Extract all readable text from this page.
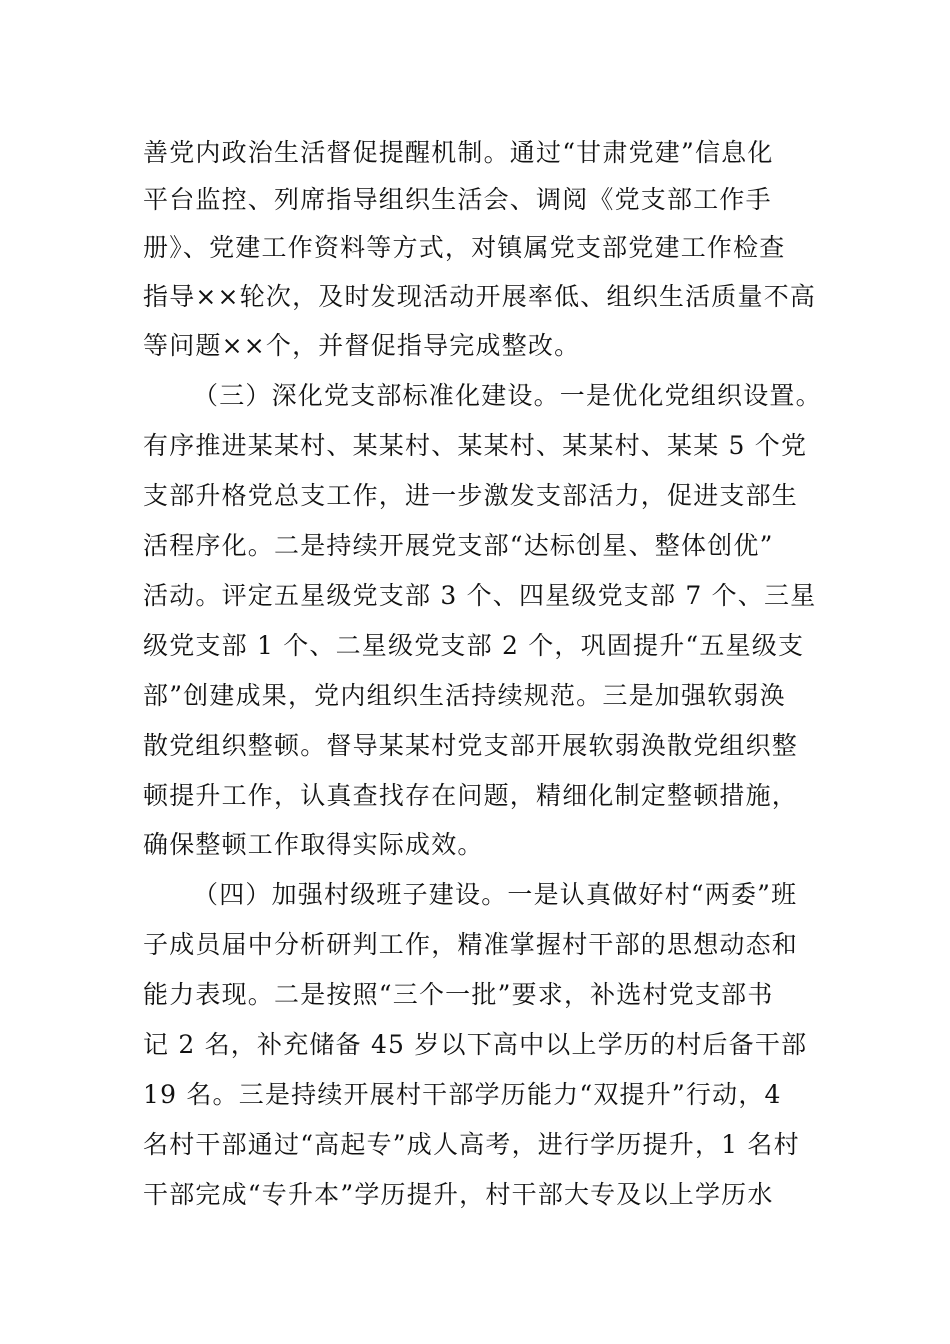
善党内政治生活督促提醒机制。通过“甘肃党建”信息化
平台监控、列席指导组织生活会、调阅《党支部工作手
册》、党建工作资料等方式，对镇属党支部党建工作检查
指导××轮次，及时发现活动开展率低、组织生活质量不高
等问题××个，并督促指导完成整改。
（三）深化党支部标准化建设。一是优化党组织设置。
有序推进某某村、某某村、某某村、某某村、某某 5 个党
支部升格党总支工作，进一步激发支部活力，促进支部生
活程序化。二是持续开展党支部“达标创星、整体创优”
活动。评定五星级党支部 3 个、四星级党支部 7 个、三星
级党支部 1 个、二星级党支部 2 个，巩固提升“五星级支
部”创建成果，党内组织生活持续规范。三是加强软弱涣
散党组织整顿。督导某某村党支部开展软弱涣散党组织整
顿提升工作，认真查找存在问题，精细化制定整顿措施，
确保整顿工作取得实际成效。
（四）加强村级班子建设。一是认真做好村“两委”班
子成员届中分析研判工作，精准掌握村干部的思想动态和
能力表现。二是按照“三个一批”要求，补选村党支部书
记 2 名，补充储备 45 岁以下高中以上学历的村后备干部
19 名。三是持续开展村干部学历能力“双提升”行动，4
名村干部通过“高起专”成人高考，进行学历提升，1 名村
干部完成“专升本”学历提升，村干部大专及以上学历水
